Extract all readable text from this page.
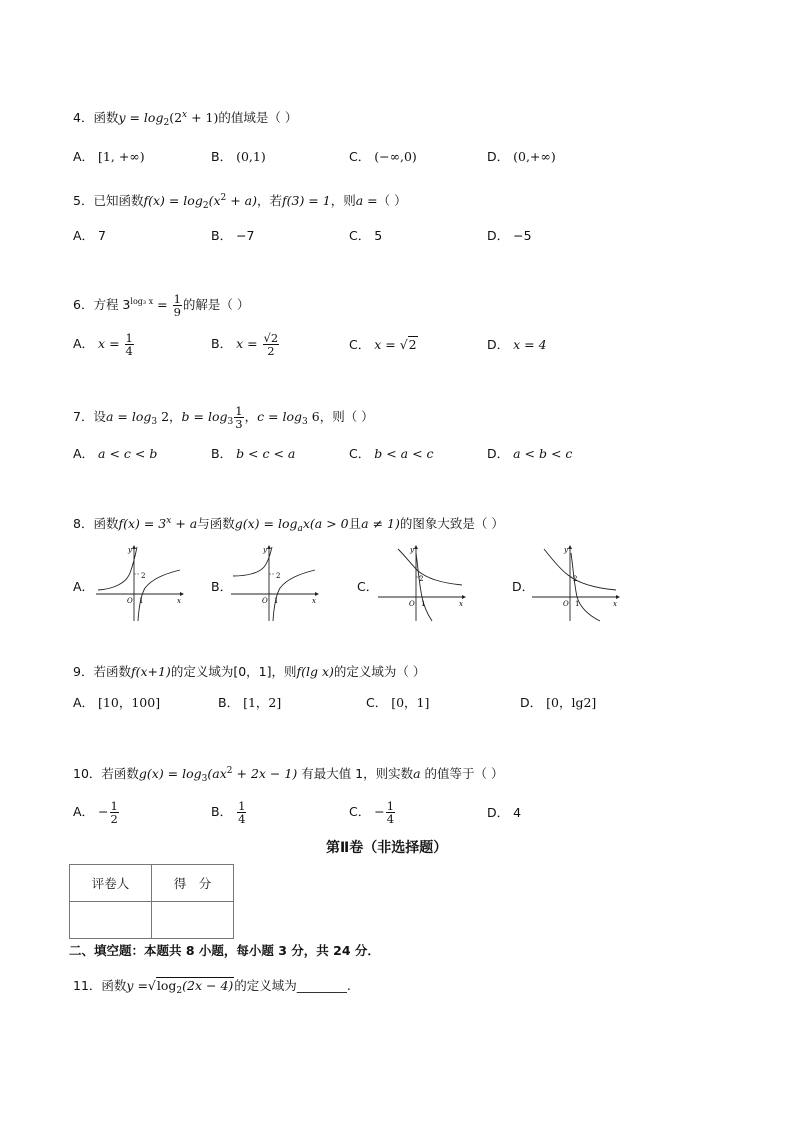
4．函数$y = \log_2(2^x + 1)$的值域是（ ）
A． [1, +∞)	B． (0,1)	C． (−∞,0)	D． (0,+∞)
5．已知函数$f(x) = \log_2(x^2 + a)$，若f(3) = 1，则a =（ ）
A． 7	B． −7	C． 5	D． −5
6．方程 $3^{log_3 x} = \frac{1}{9}$ 的解是（ ）
A． $x = \frac{1}{4}$	B． $x = \frac{√2}{2}$	C． x = √2	D． x = 4
7．设$a = \log_3 2$，$b = \log_3 \frac{1}{3}$ ，$c = \log_3 6$，则（ ）
A． a < c < b	B． b < c < a	C． b < a < c	D． a < b < c
8．函数$f(x) = 3^x + a$与函数$g(x) = \log_ax(a > 0$且a ≠ 1)的图象大致是（ ）
A．	B．	C．	D．
y
x
O 1
2
y
x
O 1
2
y
x
O 1
2
y
x
O 1
2
9．若函数f(x+1)的定义域为[0，1]，则f(lg x)的定义域为（ ）
A． [10，100]	B． [1，2]	C． [0，1]	D． [0，lg2]
10．若函数$g(x) = \log_3(ax^2 + 2x - 1)$ 有最大值 1，则实数a 的值等于（ ）
A． − $\frac{1}{2}$	B． $\frac{1}{4}$	C． − $\frac{1}{4}$	D． 4
第Ⅱ卷（非选择题）
评卷人	得　分

二、填空题：本题共 8 小题，每小题 3 分，共 24 分．
11．函数$y =√\log_2(2x - 4)$的定义域为________.
